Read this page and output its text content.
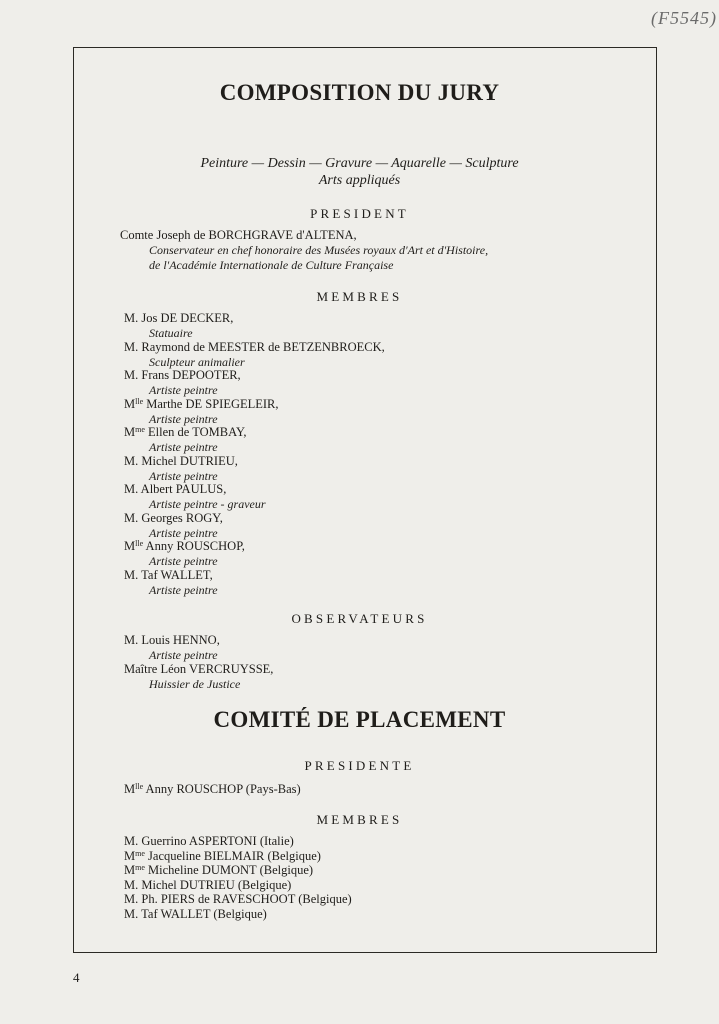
(F5545)
COMPOSITION DU JURY
Peinture — Dessin — Gravure — Aquarelle — Sculpture
Arts appliqués
PRESIDENT
Comte Joseph de BORCHGRAVE d'ALTENA,
Conservateur en chef honoraire des Musées royaux d'Art et d'Histoire,
de l'Académie Internationale de Culture Française
MEMBRES
M. Jos DE DECKER,
Statuaire
M. Raymond de MEESTER de BETZENBROECK,
Sculpteur animalier
M. Frans DEPOOTER,
Artiste peintre
$M^{lle}$ Marthe DE SPIEGELEIR,
Artiste peintre
$M^{me}$ Ellen de TOMBAY,
Artiste peintre
M. Michel DUTRIEU,
Artiste peintre
M. Albert PAULUS,
Artiste peintre - graveur
M. Georges ROGY,
Artiste peintre
$M^{lle}$ Anny ROUSCHOP,
Artiste peintre
M. Taf WALLET,
Artiste peintre
OBSERVATEURS
M. Louis HENNO,
Artiste peintre
Maître Léon VERCRUYSSE,
Huissier de Justice
COMITÉ DE PLACEMENT
PRESIDENTE
$M^{lle}$ Anny ROUSCHOP (Pays-Bas)
MEMBRES
M. Guerrino ASPERTONI (Italie)
$M^{me}$ Jacqueline BIELMAIR (Belgique)
$M^{me}$ Micheline DUMONT (Belgique)
M. Michel DUTRIEU (Belgique)
M. Ph. PIERS de RAVESCHOOT (Belgique)
M. Taf WALLET (Belgique)
4
